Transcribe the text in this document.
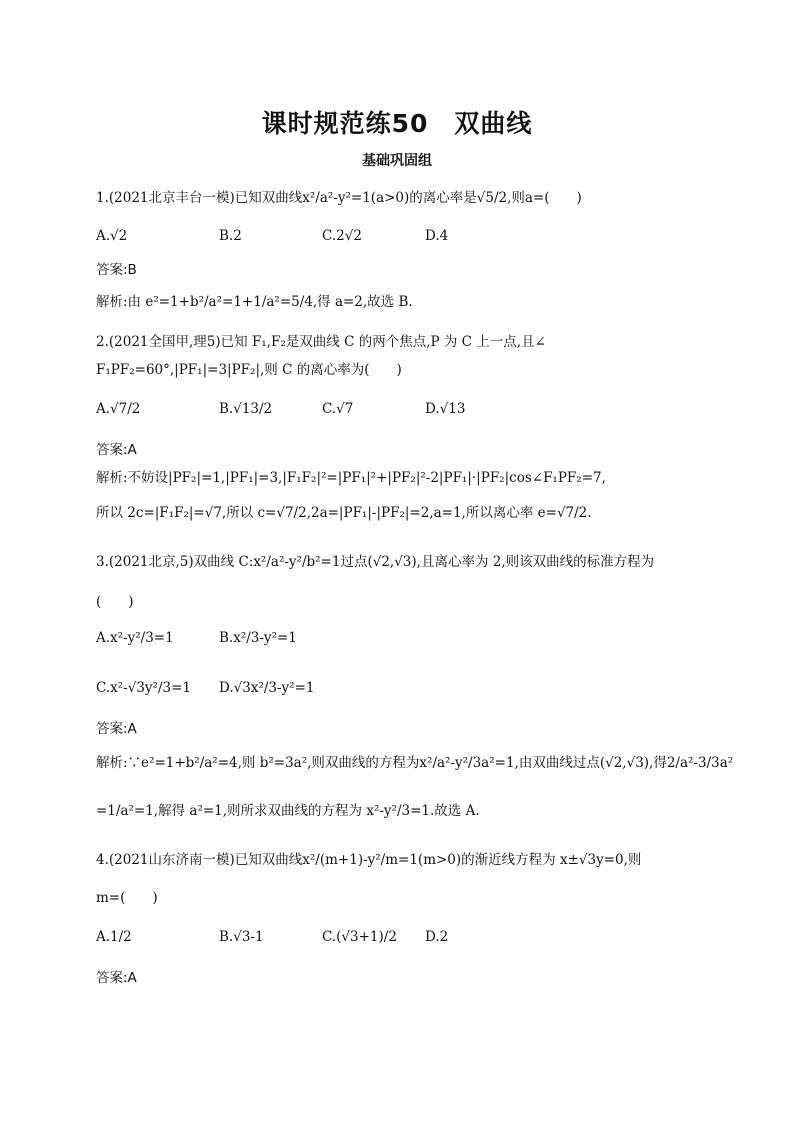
课时规范练50　双曲线
基础巩固组
1.(2021北京丰台一模)已知双曲线x²/a²-y²=1(a>0)的离心率是√5/2,则a=(　　)
A.√2	B.2	C.2√2	D.4
答案:B
解析:由 e²=1+b²/a²=1+1/a²=5/4,得 a=2,故选 B.
2.(2021全国甲,理5)已知 F₁,F₂是双曲线 C 的两个焦点,P 为 C 上一点,且∠
F₁PF₂=60°,|PF₁|=3|PF₂|,则 C 的离心率为(　　)
A.√7/2	B.√13/2	C.√7	D.√13
答案:A
解析:不妨设|PF₂|=1,|PF₁|=3,|F₁F₂|²=|PF₁|²+|PF₂|²-2|PF₁|·|PF₂|cos∠F₁PF₂=7,
所以 2c=|F₁F₂|=√7,所以 c=√7/2,2a=|PF₁|-|PF₂|=2,a=1,所以离心率 e=√7/2.
3.(2021北京,5)双曲线 C:x²/a²-y²/b²=1过点(√2,√3),且离心率为 2,则该双曲线的标准方程为
(　　)
A.x²-y²/3=1	B.x²/3-y²=1
C.x²-√3y²/3=1 D.√3x²/3-y²=1
答案:A
解析:∵e²=1+b²/a²=4,则 b²=3a²,则双曲线的方程为x²/a²-y²/3a²=1,由双曲线过点(√2,√3),得2/a²-3/3a²
=1/a²=1,解得 a²=1,则所求双曲线的方程为 x²-y²/3=1.故选 A.
4.(2021山东济南一模)已知双曲线x²/(m+1)-y²/m=1(m>0)的渐近线方程为 x±√3y=0,则
m=(　　)
A.1/2	B.√3-1	C.(√3+1)/2 D.2
答案:A
